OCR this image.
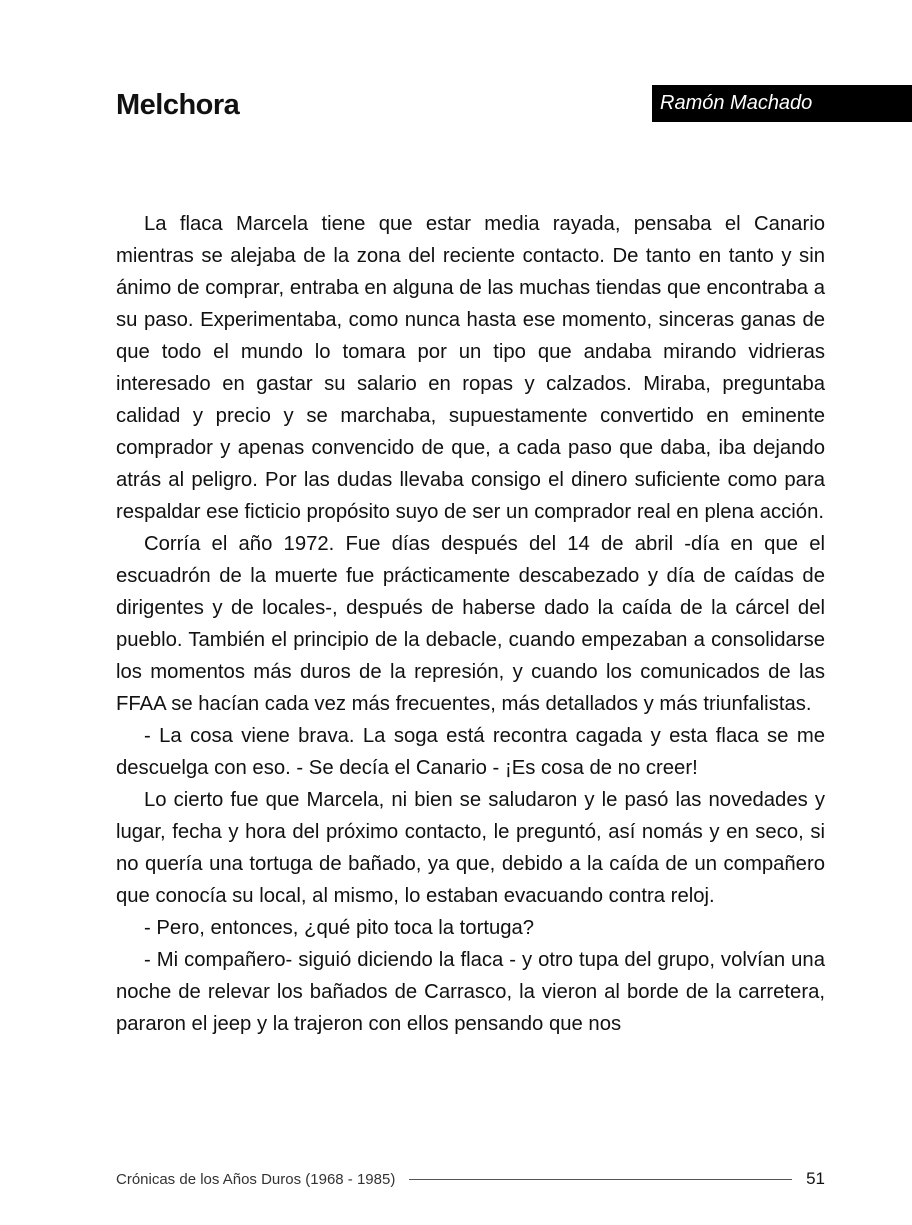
Melchora	Ramón Machado

La flaca Marcela tiene que estar media rayada, pensaba el Canario mientras se alejaba de la zona del reciente contacto. De tanto en tanto y sin ánimo de comprar, entraba en alguna de las muchas tiendas que encontraba a su paso. Experimentaba, como nunca hasta ese momento, sinceras ganas de que todo el mundo lo tomara por un tipo que andaba mirando vidrieras interesado en gastar su salario en ropas y calzados. Miraba, preguntaba calidad y precio y se marchaba, supuestamente convertido en eminente comprador y apenas convencido de que, a cada paso que daba, iba dejando atrás al peligro. Por las dudas llevaba consigo el dinero suficiente como para respaldar ese ficticio propósito suyo de ser un comprador real en plena acción.

Corría el año 1972. Fue días después del 14 de abril -día en que el escuadrón de la muerte fue prácticamente descabezado y día de caídas de dirigentes y de locales-, después de haberse dado la caída de la cárcel del pueblo. También el principio de la debacle, cuando empezaban a consolidarse los momentos más duros de la represión, y cuando los comunicados de las FFAA se hacían cada vez más frecuentes, más detallados y más triunfalistas.

- La cosa viene brava. La soga está recontra cagada y esta flaca se me descuelga con eso. - Se decía el Canario - ¡Es cosa de no creer!

Lo cierto fue que Marcela, ni bien se saludaron y le pasó las novedades y lugar, fecha y hora del próximo contacto, le preguntó, así nomás y en seco, si no quería una tortuga de bañado, ya que, debido a la caída de un compañero que conocía su local, al mismo, lo estaban evacuando contra reloj.

- Pero, entonces, ¿qué pito toca la tortuga?

- Mi compañero- siguió diciendo la flaca - y otro tupa del grupo, volvían una noche de relevar los bañados de Carrasco, la vieron al borde de la carretera, pararon el jeep y la trajeron con ellos pensando que nos

Crónicas de los Años Duros (1968 - 1985)	51
